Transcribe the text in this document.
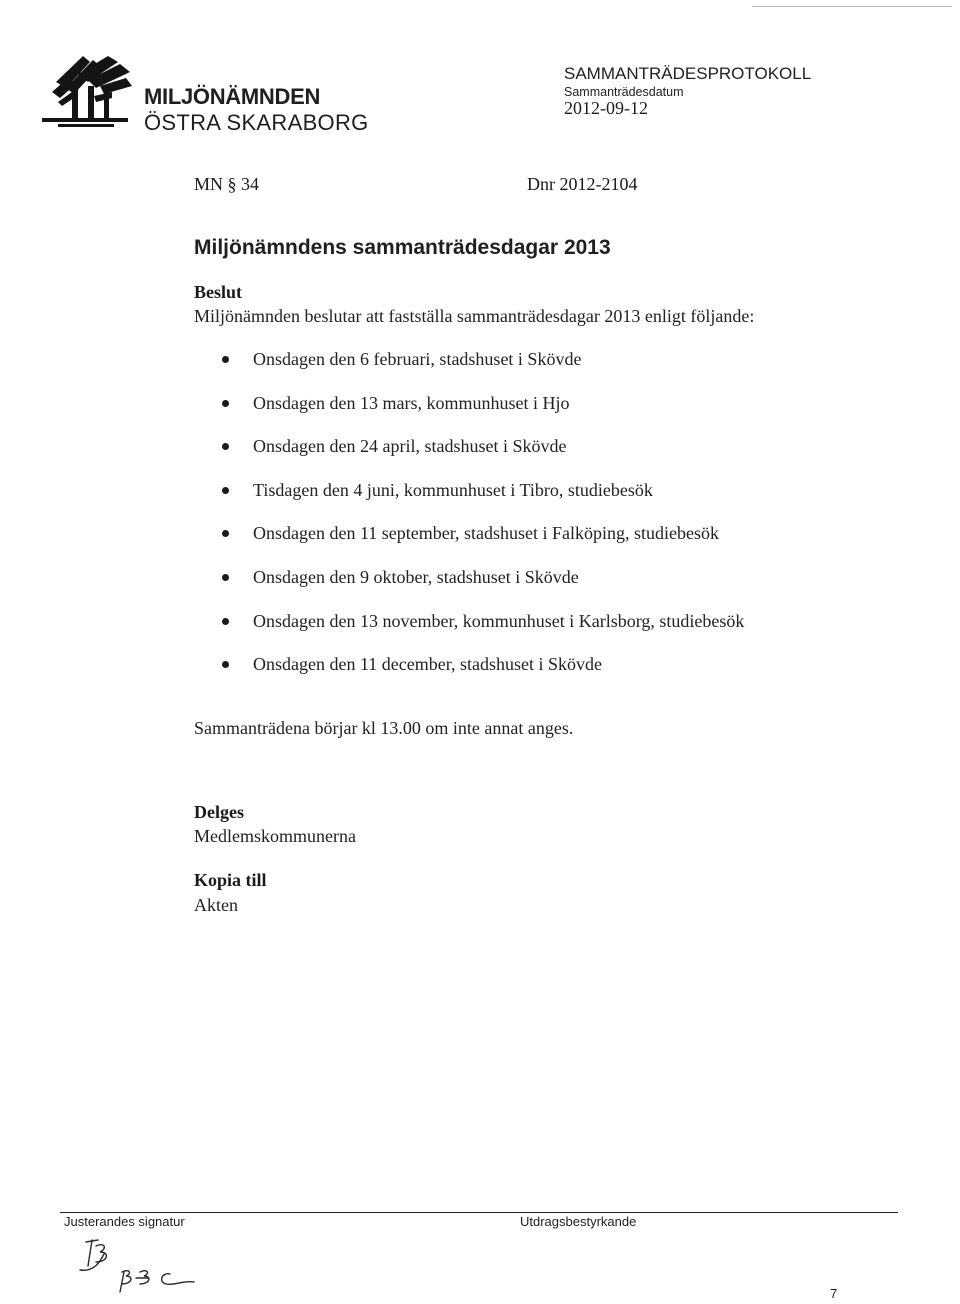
MILJÖNÄMNDEN
ÖSTRA SKARABORG
SAMMANTRÄDESPROTOKOLL
Sammanträdesdatum
2012-09-12
MN § 34	Dnr 2012-2104
Miljönämndens sammanträdesdagar 2013
Beslut
Miljönämnden beslutar att fastställa sammanträdesdagar 2013 enligt följande:
Onsdagen den 6 februari, stadshuset i Skövde
Onsdagen den 13 mars, kommunhuset i Hjo
Onsdagen den 24 april, stadshuset i Skövde
Tisdagen den 4 juni, kommunhuset i Tibro, studiebesök
Onsdagen den 11 september, stadshuset i Falköping, studiebesök
Onsdagen den 9 oktober, stadshuset i Skövde
Onsdagen den 13 november, kommunhuset i Karlsborg, studiebesök
Onsdagen den 11 december, stadshuset i Skövde
Sammanträdena börjar kl 13.00 om inte annat anges.
Delges
Medlemskommunerna
Kopia till
Akten
Justerandes signatur	Utdragsbestyrkande
7
